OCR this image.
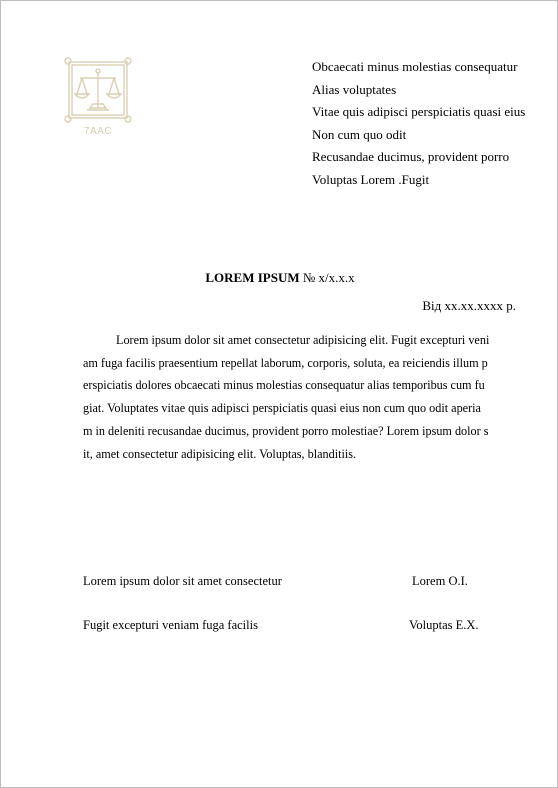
7AAC
Obcaecati minus molestias consequatur
Alias voluptates
Vitae quis adipisci perspiciatis quasi eius
Non cum quo odit
Recusandae ducimus, provident porro
Voluptas Lorem .Fugit
LOREM IPSUM № x/x.x.x
Від хх.хх.хххх р.
Lorem ipsum dolor sit amet consectetur adipisicing elit. Fugit excepturi veni
am fuga facilis praesentium repellat laborum, corporis, soluta, ea reiciendis illum p
erspiciatis dolores obcaecati minus molestias consequatur alias temporibus cum fu
giat. Voluptates vitae quis adipisci perspiciatis quasi eius non cum quo odit aperia
m in deleniti recusandae ducimus, provident porro molestiae? Lorem ipsum dolor s
it, amet consectetur adipisicing elit. Voluptas, blanditiis.
Lorem ipsum dolor sit amet consectetur	Lorem O.I.
Fugit excepturi veniam fuga facilis	Voluptas E.X.
